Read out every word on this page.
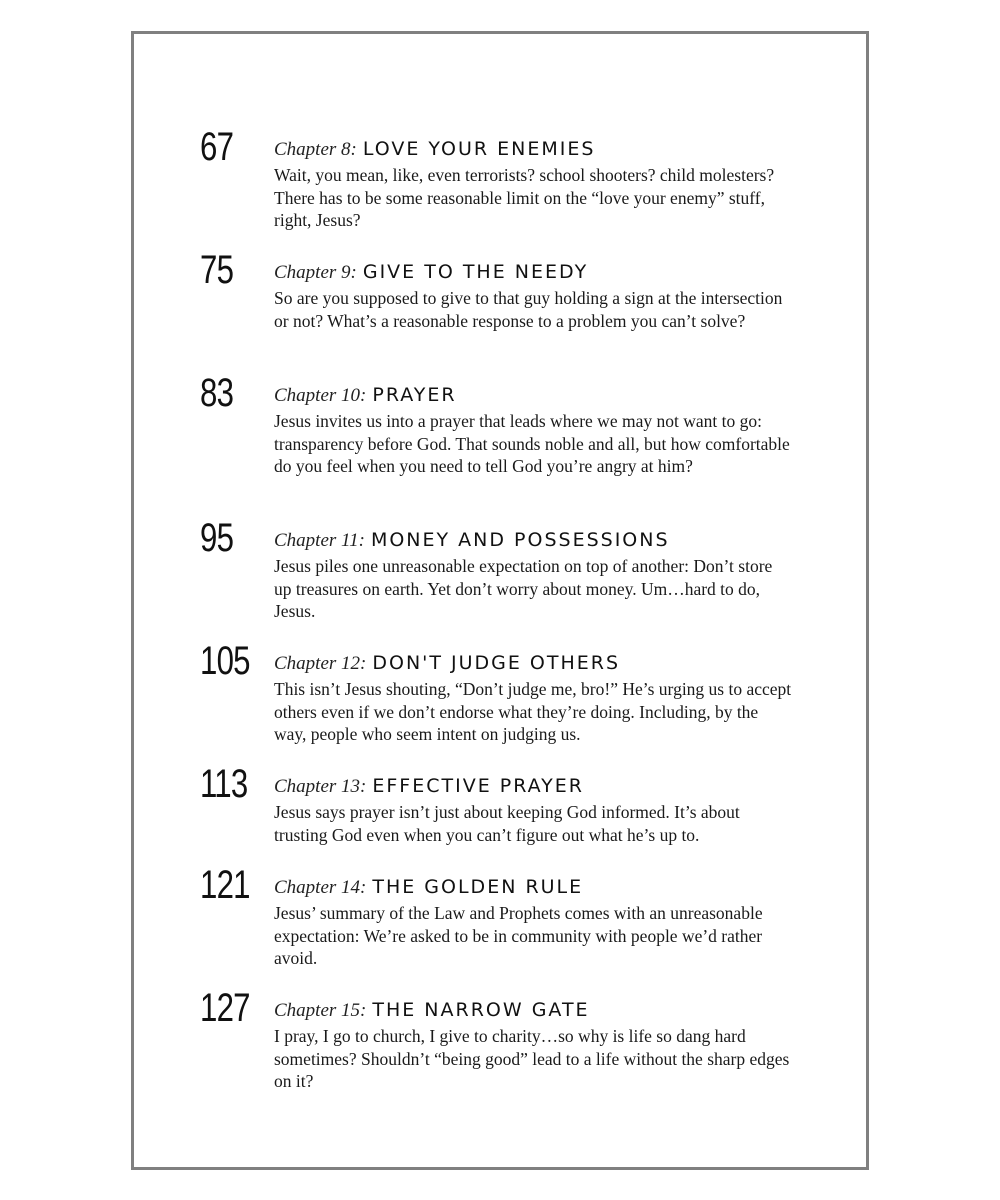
67 Chapter 8: LOVE YOUR ENEMIES

Wait, you mean, like, even terrorists? school shooters? child molesters? There has to be some reasonable limit on the “love your enemy” stuff, right, Jesus?

75 Chapter 9: GIVE TO THE NEEDY

So are you supposed to give to that guy holding a sign at the intersection or not? What’s a reasonable response to a problem you can’t solve?

83 Chapter 10: PRAYER

Jesus invites us into a prayer that leads where we may not want to go: transparency before God. That sounds noble and all, but how comfortable do you feel when you need to tell God you’re angry at him?

95 Chapter 11: MONEY AND POSSESSIONS

Jesus piles one unreasonable expectation on top of another: Don’t store up treasures on earth. Yet don’t worry about money. Um…hard to do, Jesus.

105 Chapter 12: DON'T JUDGE OTHERS

This isn’t Jesus shouting, “Don’t judge me, bro!” He’s urging us to accept others even if we don’t endorse what they’re doing. Including, by the way, people who seem intent on judging us.

113 Chapter 13: EFFECTIVE PRAYER

Jesus says prayer isn’t just about keeping God informed. It’s about trusting God even when you can’t figure out what he’s up to.

121 Chapter 14: THE GOLDEN RULE

Jesus’ summary of the Law and Prophets comes with an unreasonable expectation: We’re asked to be in community with people we’d rather avoid.

127 Chapter 15: THE NARROW GATE

I pray, I go to church, I give to charity…so why is life so dang hard sometimes? Shouldn’t “being good” lead to a life without the sharp edges on it?
